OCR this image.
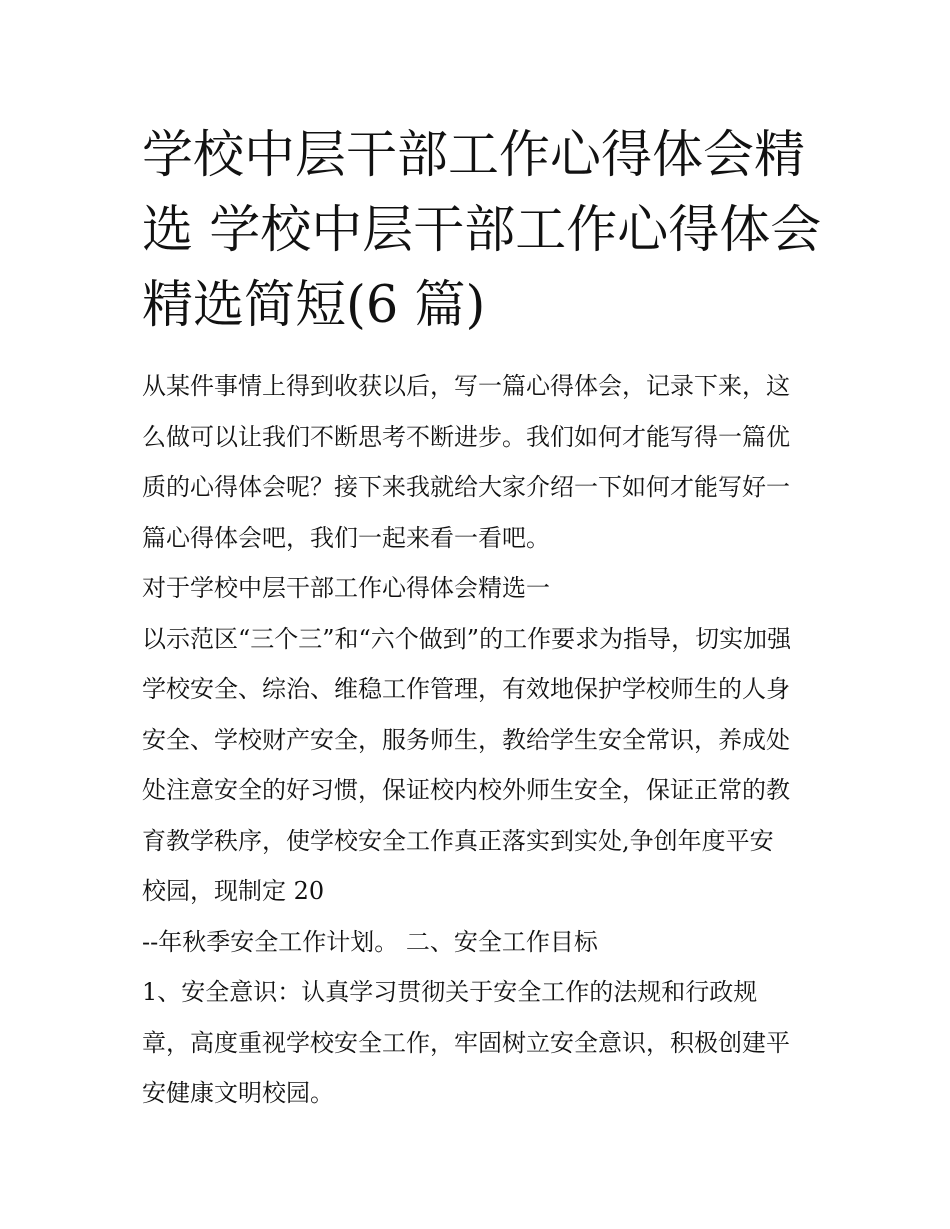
学校中层干部工作心得体会精
选 学校中层干部工作心得体会
精选简短(6 篇)
从某件事情上得到收获以后，写一篇心得体会，记录下来，这
么做可以让我们不断思考不断进步。我们如何才能写得一篇优
质的心得体会呢？接下来我就给大家介绍一下如何才能写好一
篇心得体会吧，我们一起来看一看吧。
对于学校中层干部工作心得体会精选一
以示范区“三个三”和“六个做到”的工作要求为指导，切实加强
学校安全、综治、维稳工作管理，有效地保护学校师生的人身
安全、学校财产安全，服务师生，教给学生安全常识，养成处
处注意安全的好习惯，保证校内校外师生安全，保证正常的教
育教学秩序，使学校安全工作真正落实到实处,争创年度平安
校园，现制定 20
--年秋季安全工作计划。 二、安全工作目标
1、安全意识：认真学习贯彻关于安全工作的法规和行政规
章，高度重视学校安全工作，牢固树立安全意识，积极创建平
安健康文明校园。
